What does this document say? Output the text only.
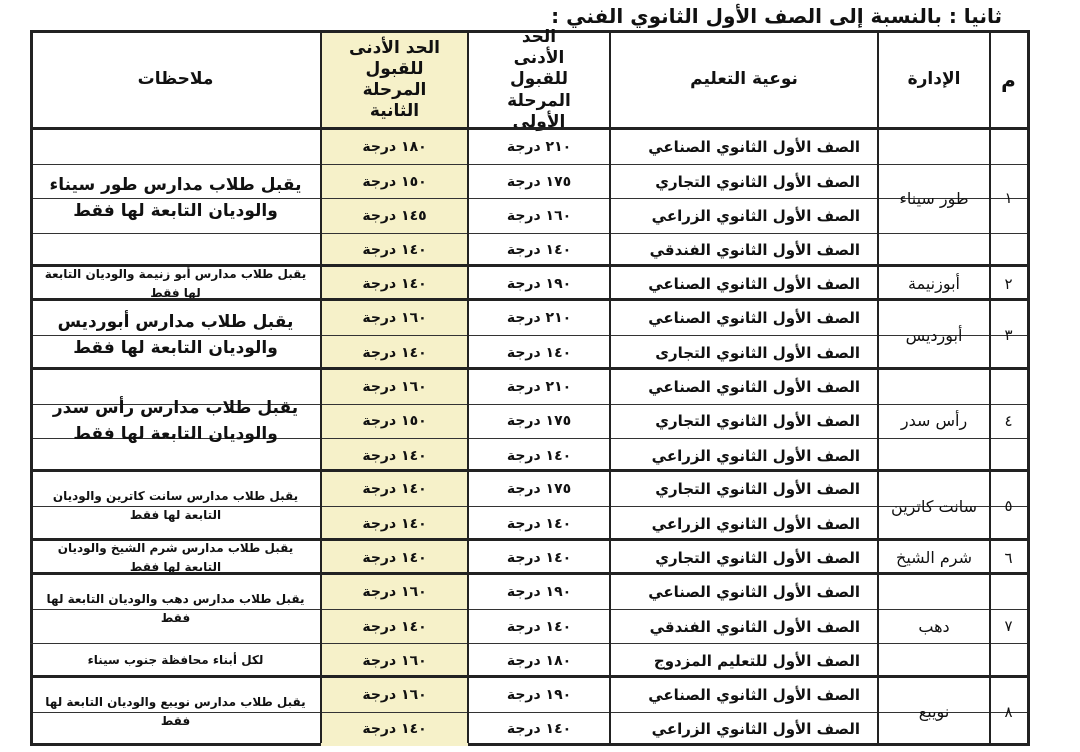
ثانيا : بالنسبة إلى الصف الأول الثانوي الفني :
م
الإدارة
نوعية التعليم
الحد الأدنى للقبول المرحلة الأولى
الحد الأدنى للقبول المرحلة الثانية
ملاحظات
الصف الأول الثانوي الصناعي
٢١٠ درجة
١٨٠ درجة
الصف الأول الثانوي التجاري
١٧٥ درجة
١٥٠ درجة
الصف الأول الثانوي الزراعي
١٦٠ درجة
١٤٥ درجة
الصف الأول الثانوي الفندقي
١٤٠ درجة
١٤٠ درجة
١
طور سيناء
يقبل طلاب مدارس طور سيناء والوديان التابعة لها فقط
الصف الأول الثانوي الصناعي
١٩٠ درجة
١٤٠ درجة	٢
أبوزنيمة
يقبل طلاب مدارس أبو زنيمة والوديان التابعة لها فقط
الصف الأول الثانوي الصناعي
٢١٠ درجة
١٦٠ درجة
الصف الأول الثانوي التجارى
١٤٠ درجة
١٤٠ درجة
٣
أبورديس
يقبل طلاب مدارس أبورديس والوديان التابعة لها فقط
الصف الأول الثانوي الصناعي
٢١٠ درجة
١٦٠ درجة
الصف الأول الثانوي التجاري
١٧٥ درجة
١٥٠ درجة
الصف الأول الثانوي الزراعي
١٤٠ درجة
١٤٠ درجة
٤
رأس سدر
يقبل طلاب مدارس رأس سدر والوديان التابعة لها فقط
الصف الأول الثانوي التجاري
١٧٥ درجة
١٤٠ درجة
الصف الأول الثانوي الزراعي
١٤٠ درجة
١٤٠ درجة
٥
سانت كاترين
يقبل طلاب مدارس سانت كاترين والوديان التابعة لها فقط
الصف الأول الثانوي التجاري
١٤٠ درجة
١٤٠ درجة	٦
شرم الشيخ
يقبل طلاب مدارس شرم الشيخ والوديان التابعة لها فقط
الصف الأول الثانوي الصناعي
١٩٠ درجة
١٦٠ درجة
الصف الأول الثانوي الفندقي
١٤٠ درجة
١٤٠ درجة
الصف الأول للتعليم المزدوج
١٨٠ درجة
١٦٠ درجة
٧
دهب
يقبل طلاب مدارس دهب والوديان التابعة لها فقط
لكل أبناء محافظة جنوب سيناء
الصف الأول الثانوي الصناعي
١٩٠ درجة
١٦٠ درجة
الصف الأول الثانوي الزراعي
١٤٠ درجة
١٤٠ درجة
٨
نويبع
يقبل طلاب مدارس نويبع والوديان التابعة لها فقط
